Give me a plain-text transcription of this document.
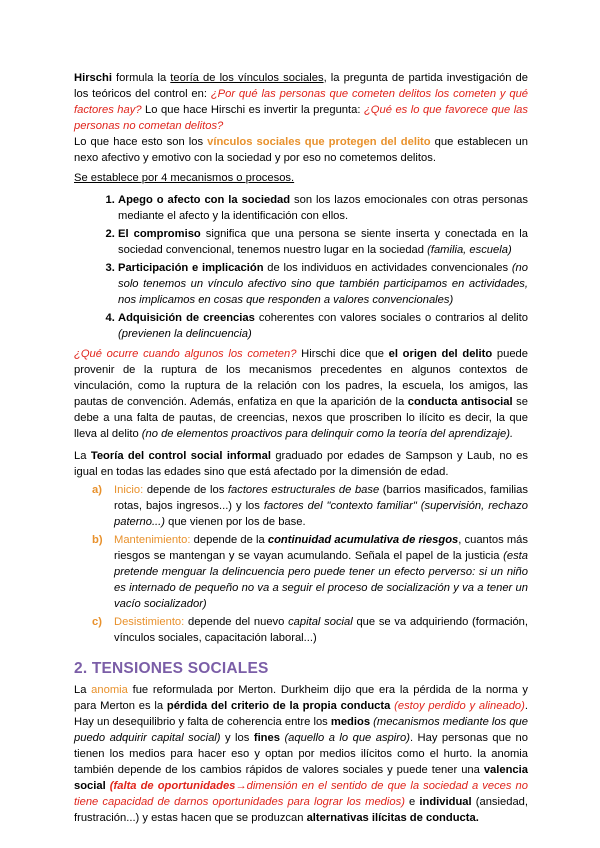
Hirschi formula la teoría de los vínculos sociales, la pregunta de partida investigación de los teóricos del control en: ¿Por qué las personas que cometen delitos los cometen y qué factores hay? Lo que hace Hirschi es invertir la pregunta: ¿Qué es lo que favorece que las personas no cometan delitos?

Lo que hace esto son los vínculos sociales que protegen del delito que establecen un nexo afectivo y emotivo con la sociedad y por eso no cometemos delitos.

Se establece por 4 mecanismos o procesos.

1. Apego o afecto con la sociedad son los lazos emocionales con otras personas mediante el afecto y la identificación con ellos.
2. El compromiso significa que una persona se siente inserta y conectada en la sociedad convencional, tenemos nuestro lugar en la sociedad (familia, escuela)
3. Participación e implicación de los individuos en actividades convencionales (no solo tenemos un vínculo afectivo sino que también participamos en actividades, nos implicamos en cosas que responden a valores convencionales)
4. Adquisición de creencias coherentes con valores sociales o contrarios al delito (previenen la delincuencia)

¿Qué ocurre cuando algunos los cometen? Hirschi dice que el origen del delito puede provenir de la ruptura de los mecanismos precedentes en algunos contextos de vinculación, como la ruptura de la relación con los padres, la escuela, los amigos, las pautas de convención. Además, enfatiza en que la aparición de la conducta antisocial se debe a una falta de pautas, de creencias, nexos que proscriben lo ilícito es decir, la que lleva al delito (no de elementos proactivos para delinquir como la teoría del aprendizaje).

La Teoría del control social informal graduado por edades de Sampson y Laub, no es igual en todas las edades sino que está afectado por la dimensión de edad.

a)	Inicio: depende de los factores estructurales de base (barrios masificados, familias rotas, bajos ingresos...) y los factores del "contexto familiar" (supervisión, rechazo paterno...) que vienen por los de base.
b)	Mantenimiento: depende de la continuidad acumulativa de riesgos, cuantos más riesgos se mantengan y se vayan acumulando. Señala el papel de la justicia (esta pretende menguar la delincuencia pero puede tener un efecto perverso: si un niño es internado de pequeño no va a seguir el proceso de socialización y va a tener un vacío socializador)
c)	Desistimiento: depende del nuevo capital social que se va adquiriendo (formación, vínculos sociales, capacitación laboral...)
2. TENSIONES SOCIALES

La anomia fue reformulada por Merton. Durkheim dijo que era la pérdida de la norma y para Merton es la pérdida del criterio de la propia conducta (estoy perdido y alineado). Hay un desequilibrio y falta de coherencia entre los medios (mecanismos mediante los que puedo adquirir capital social) y los fines (aquello a lo que aspiro). Hay personas que no tienen los medios para hacer eso y optan por medios ilícitos como el hurto. la anomia también depende de los cambios rápidos de valores sociales y puede tener una valencia social (falta de oportunidades→dimensión en el sentido de que la sociedad a veces no tiene capacidad de darnos oportunidades para lograr los medios) e individual (ansiedad, frustración...) y estas hacen que se produzcan alternativas ilícitas de conducta.
